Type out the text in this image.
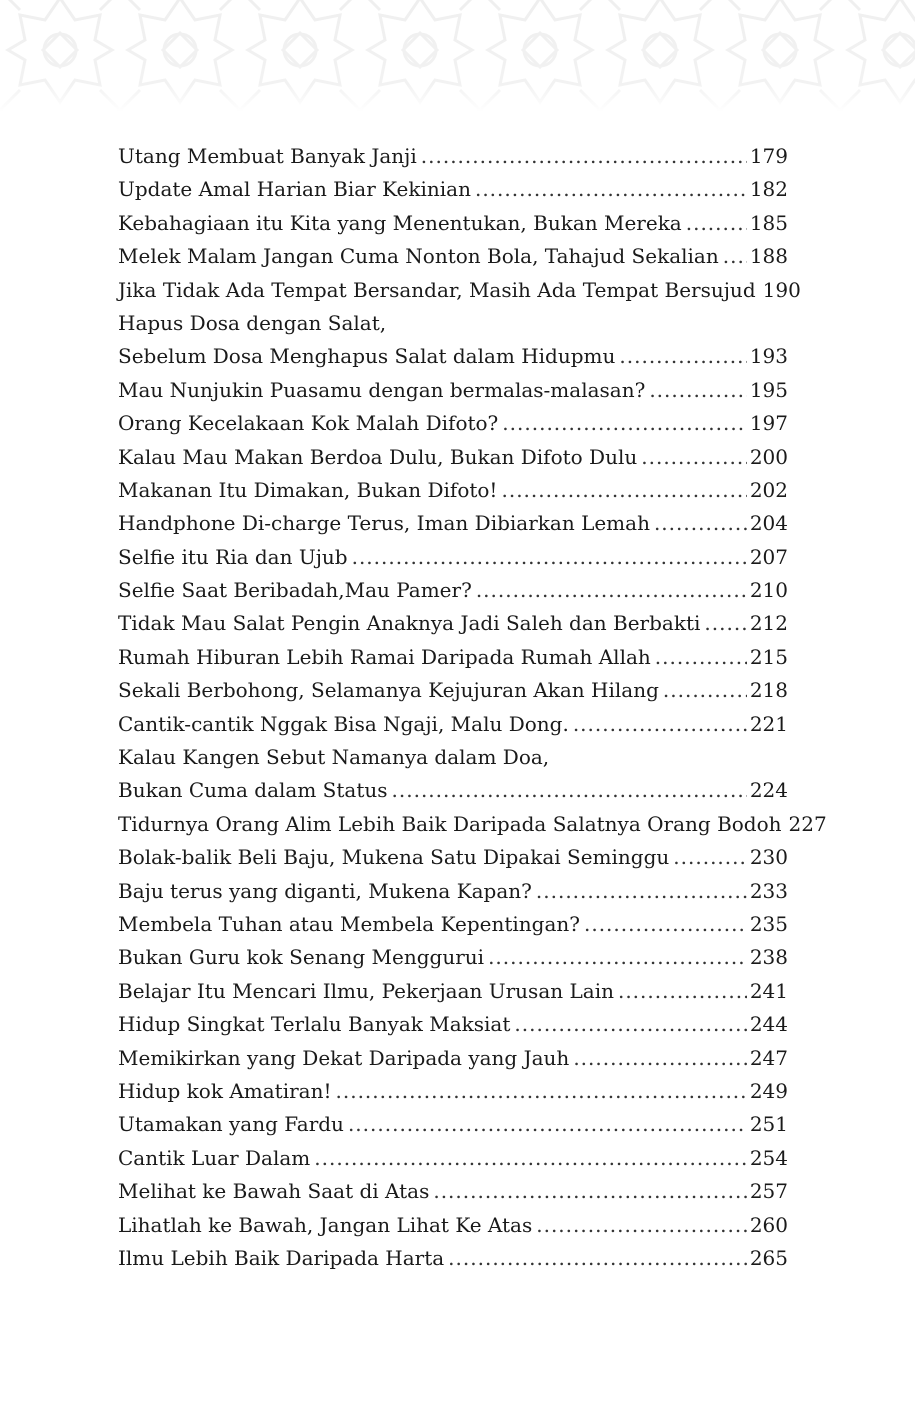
Utang Membuat Banyak Janji .....	179
Update Amal Harian Biar Kekinian .....	182
Kebahagiaan itu Kita yang Menentukan, Bukan Mereka .....	185
Melek Malam Jangan Cuma Nonton Bola, Tahajud Sekalian ..... 188
Jika Tidak Ada Tempat Bersandar, Masih Ada Tempat Bersujud 190
Hapus Dosa dengan Salat,
Sebelum Dosa Menghapus Salat dalam Hidupmu .....	193
Mau Nunjukin Puasamu dengan bermalas-malasan? .....	195
Orang Kecelakaan Kok Malah Difoto? .....	197
Kalau Mau Makan Berdoa Dulu, Bukan Difoto Dulu .....	200
Makanan Itu Dimakan, Bukan Difoto! .....	202
Handphone Di-charge Terus, Iman Dibiarkan Lemah .....	204
Selfie itu Ria dan Ujub .....	207
Selfie Saat Beribadah,Mau Pamer? .....	210
Tidak Mau Salat Pengin Anaknya Jadi Saleh dan Berbakti ..... 212
Rumah Hiburan Lebih Ramai Daripada Rumah Allah .....	215
Sekali Berbohong, Selamanya Kejujuran Akan Hilang .....	218
Cantik-cantik Nggak Bisa Ngaji, Malu Dong. .....	221
Kalau Kangen Sebut Namanya dalam Doa,
Bukan Cuma dalam Status .....	224
Tidurnya Orang Alim Lebih Baik Daripada Salatnya Orang Bodoh 227
Bolak-balik Beli Baju, Mukena Satu Dipakai Seminggu .....	230
Baju terus yang diganti, Mukena Kapan? .....	233
Membela Tuhan atau Membela Kepentingan? .....	235
Bukan Guru kok Senang Menggurui .....	238
Belajar Itu Mencari Ilmu, Pekerjaan Urusan Lain .....	241
Hidup Singkat Terlalu Banyak Maksiat .....	244
Memikirkan yang Dekat Daripada yang Jauh .....	247
Hidup kok Amatiran! .....	249
Utamakan yang Fardu .....	251
Cantik Luar Dalam .....	254
Melihat ke Bawah Saat di Atas .....	257
Lihatlah ke Bawah, Jangan Lihat Ke Atas .....	260
Ilmu Lebih Baik Daripada Harta .....	265
